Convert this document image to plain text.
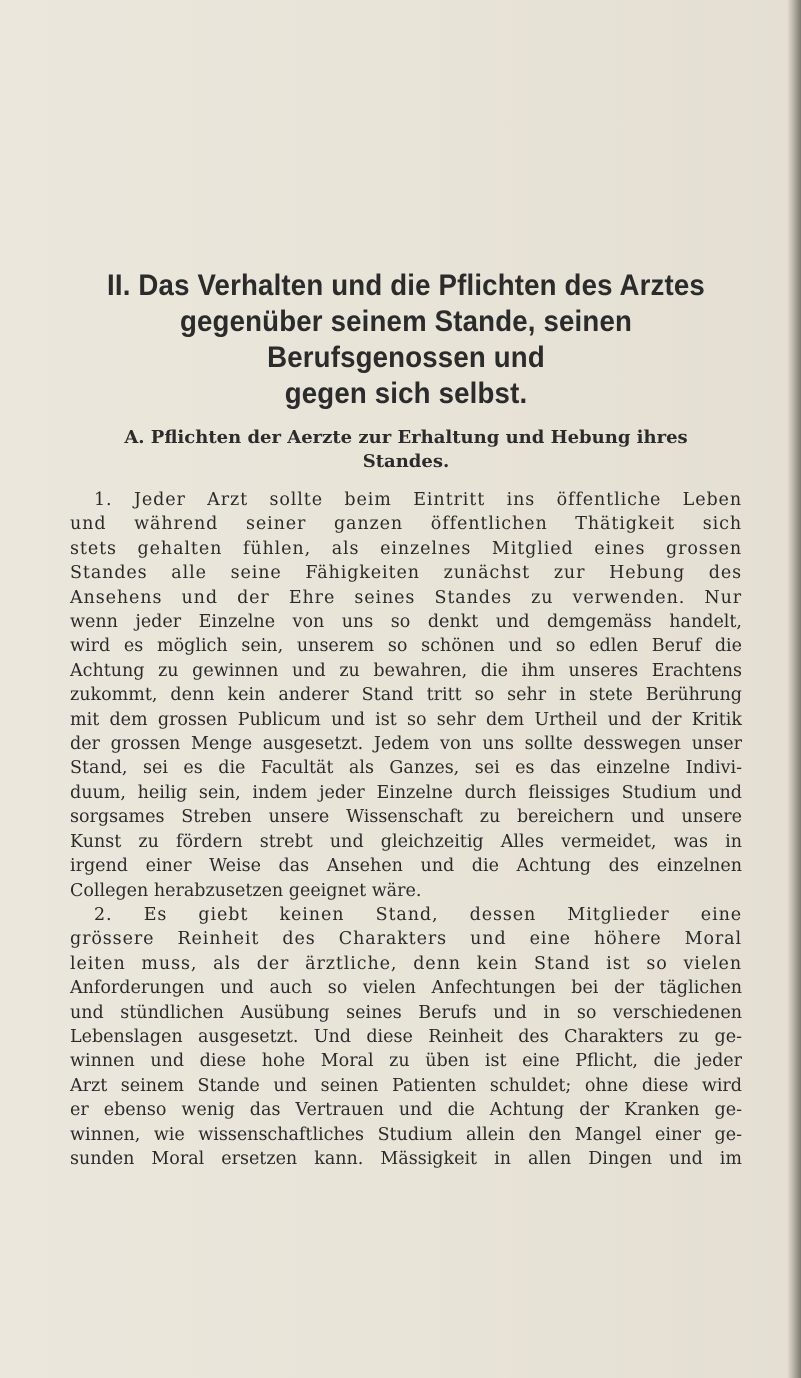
II. Das Verhalten und die Pflichten des Arztes
gegenüber seinem Stande, seinen Berufsgenossen und
gegen sich selbst.
A. Pflichten der Aerzte zur Erhaltung und Hebung ihres
Standes.
1. Jeder Arzt sollte beim Eintritt ins öffentliche Leben
und während seiner ganzen öffentlichen Thätigkeit sich
stets gehalten fühlen, als einzelnes Mitglied eines grossen
Standes alle seine Fähigkeiten zunächst zur Hebung des
Ansehens und der Ehre seines Standes zu verwenden. Nur
wenn jeder Einzelne von uns so denkt und demgemäss handelt,
wird es möglich sein, unserem so schönen und so edlen Beruf die
Achtung zu gewinnen und zu bewahren, die ihm unseres Erachtens
zukommt, denn kein anderer Stand tritt so sehr in stete Berührung
mit dem grossen Publicum und ist so sehr dem Urtheil und der Kritik
der grossen Menge ausgesetzt. Jedem von uns sollte desswegen unser
Stand, sei es die Facultät als Ganzes, sei es das einzelne Indivi-
duum, heilig sein, indem jeder Einzelne durch fleissiges Studium und
sorgsames Streben unsere Wissenschaft zu bereichern und unsere
Kunst zu fördern strebt und gleichzeitig Alles vermeidet, was in
irgend einer Weise das Ansehen und die Achtung des einzelnen
Collegen herabzusetzen geeignet wäre.
2. Es giebt keinen Stand, dessen Mitglieder eine
grössere Reinheit des Charakters und eine höhere Moral
leiten muss, als der ärztliche, denn kein Stand ist so vielen
Anforderungen und auch so vielen Anfechtungen bei der täglichen
und stündlichen Ausübung seines Berufs und in so verschiedenen
Lebenslagen ausgesetzt. Und diese Reinheit des Charakters zu ge-
winnen und diese hohe Moral zu üben ist eine Pflicht, die jeder
Arzt seinem Stande und seinen Patienten schuldet; ohne diese wird
er ebenso wenig das Vertrauen und die Achtung der Kranken ge-
winnen, wie wissenschaftliches Studium allein den Mangel einer ge-
sunden Moral ersetzen kann. Mässigkeit in allen Dingen und im
